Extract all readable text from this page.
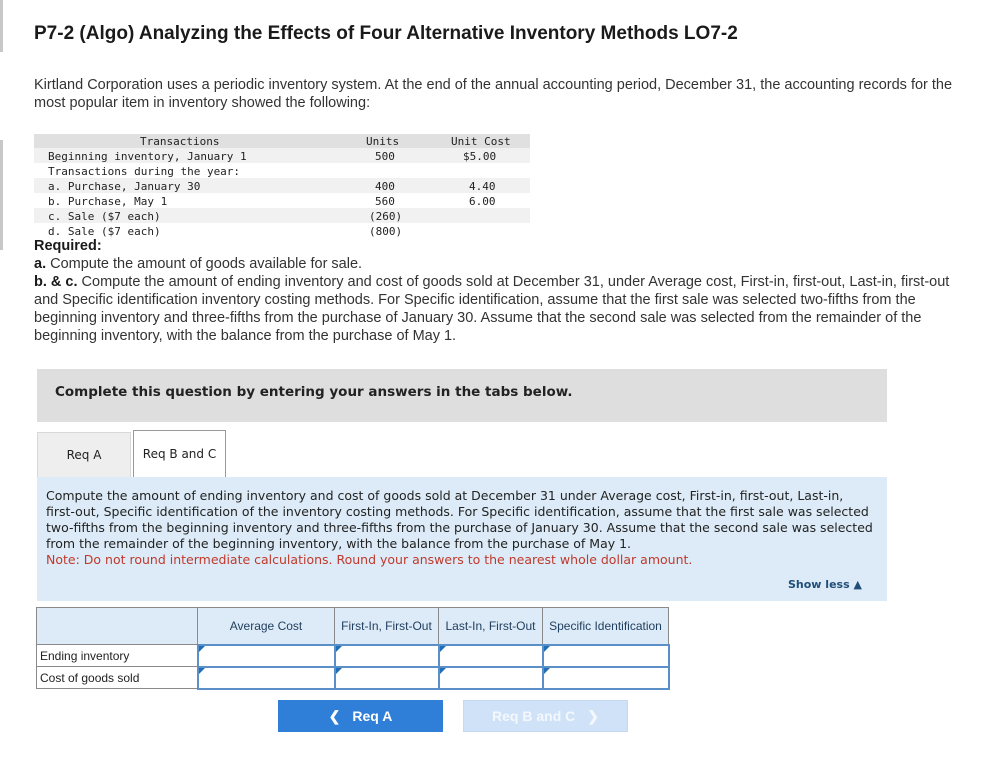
P7-2 (Algo) Analyzing the Effects of Four Alternative Inventory Methods LO7-2

Kirtland Corporation uses a periodic inventory system. At the end of the annual accounting period, December 31, the accounting records for the most popular item in inventory showed the following:

Transactions	Units	Unit Cost
Beginning inventory, January 1	500	$5.00
Transactions during the year:
a. Purchase, January 30	400	4.40
b. Purchase, May 1	560	6.00
c. Sale ($7 each)	(260)
d. Sale ($7 each)	(800)
Required:
a. Compute the amount of goods available for sale.
b. & c. Compute the amount of ending inventory and cost of goods sold at December 31, under Average cost, First-in, first-out, Last-in, first-out and Specific identification inventory costing methods. For Specific identification, assume that the first sale was selected two-fifths from the beginning inventory and three-fifths from the purchase of January 30. Assume that the second sale was selected from the remainder of the beginning inventory, with the balance from the purchase of May 1.
Complete this question by entering your answers in the tabs below.
Req A	Req B and C
Compute the amount of ending inventory and cost of goods sold at December 31 under Average cost, First-in, first-out, Last-in, first-out, Specific identification of the inventory costing methods. For Specific identification, assume that the first sale was selected two-fifths from the beginning inventory and three-fifths from the purchase of January 30. Assume that the second sale was selected from the remainder of the beginning inventory, with the balance from the purchase of May 1.
Note: Do not round intermediate calculations. Round your answers to the nearest whole dollar amount.
Show less ▲
	Average Cost	First-In, First-Out	Last-In, First-Out	Specific Identification
Ending inventory	

Cost of goods sold	

❮ Req A	Req B and C ❯
